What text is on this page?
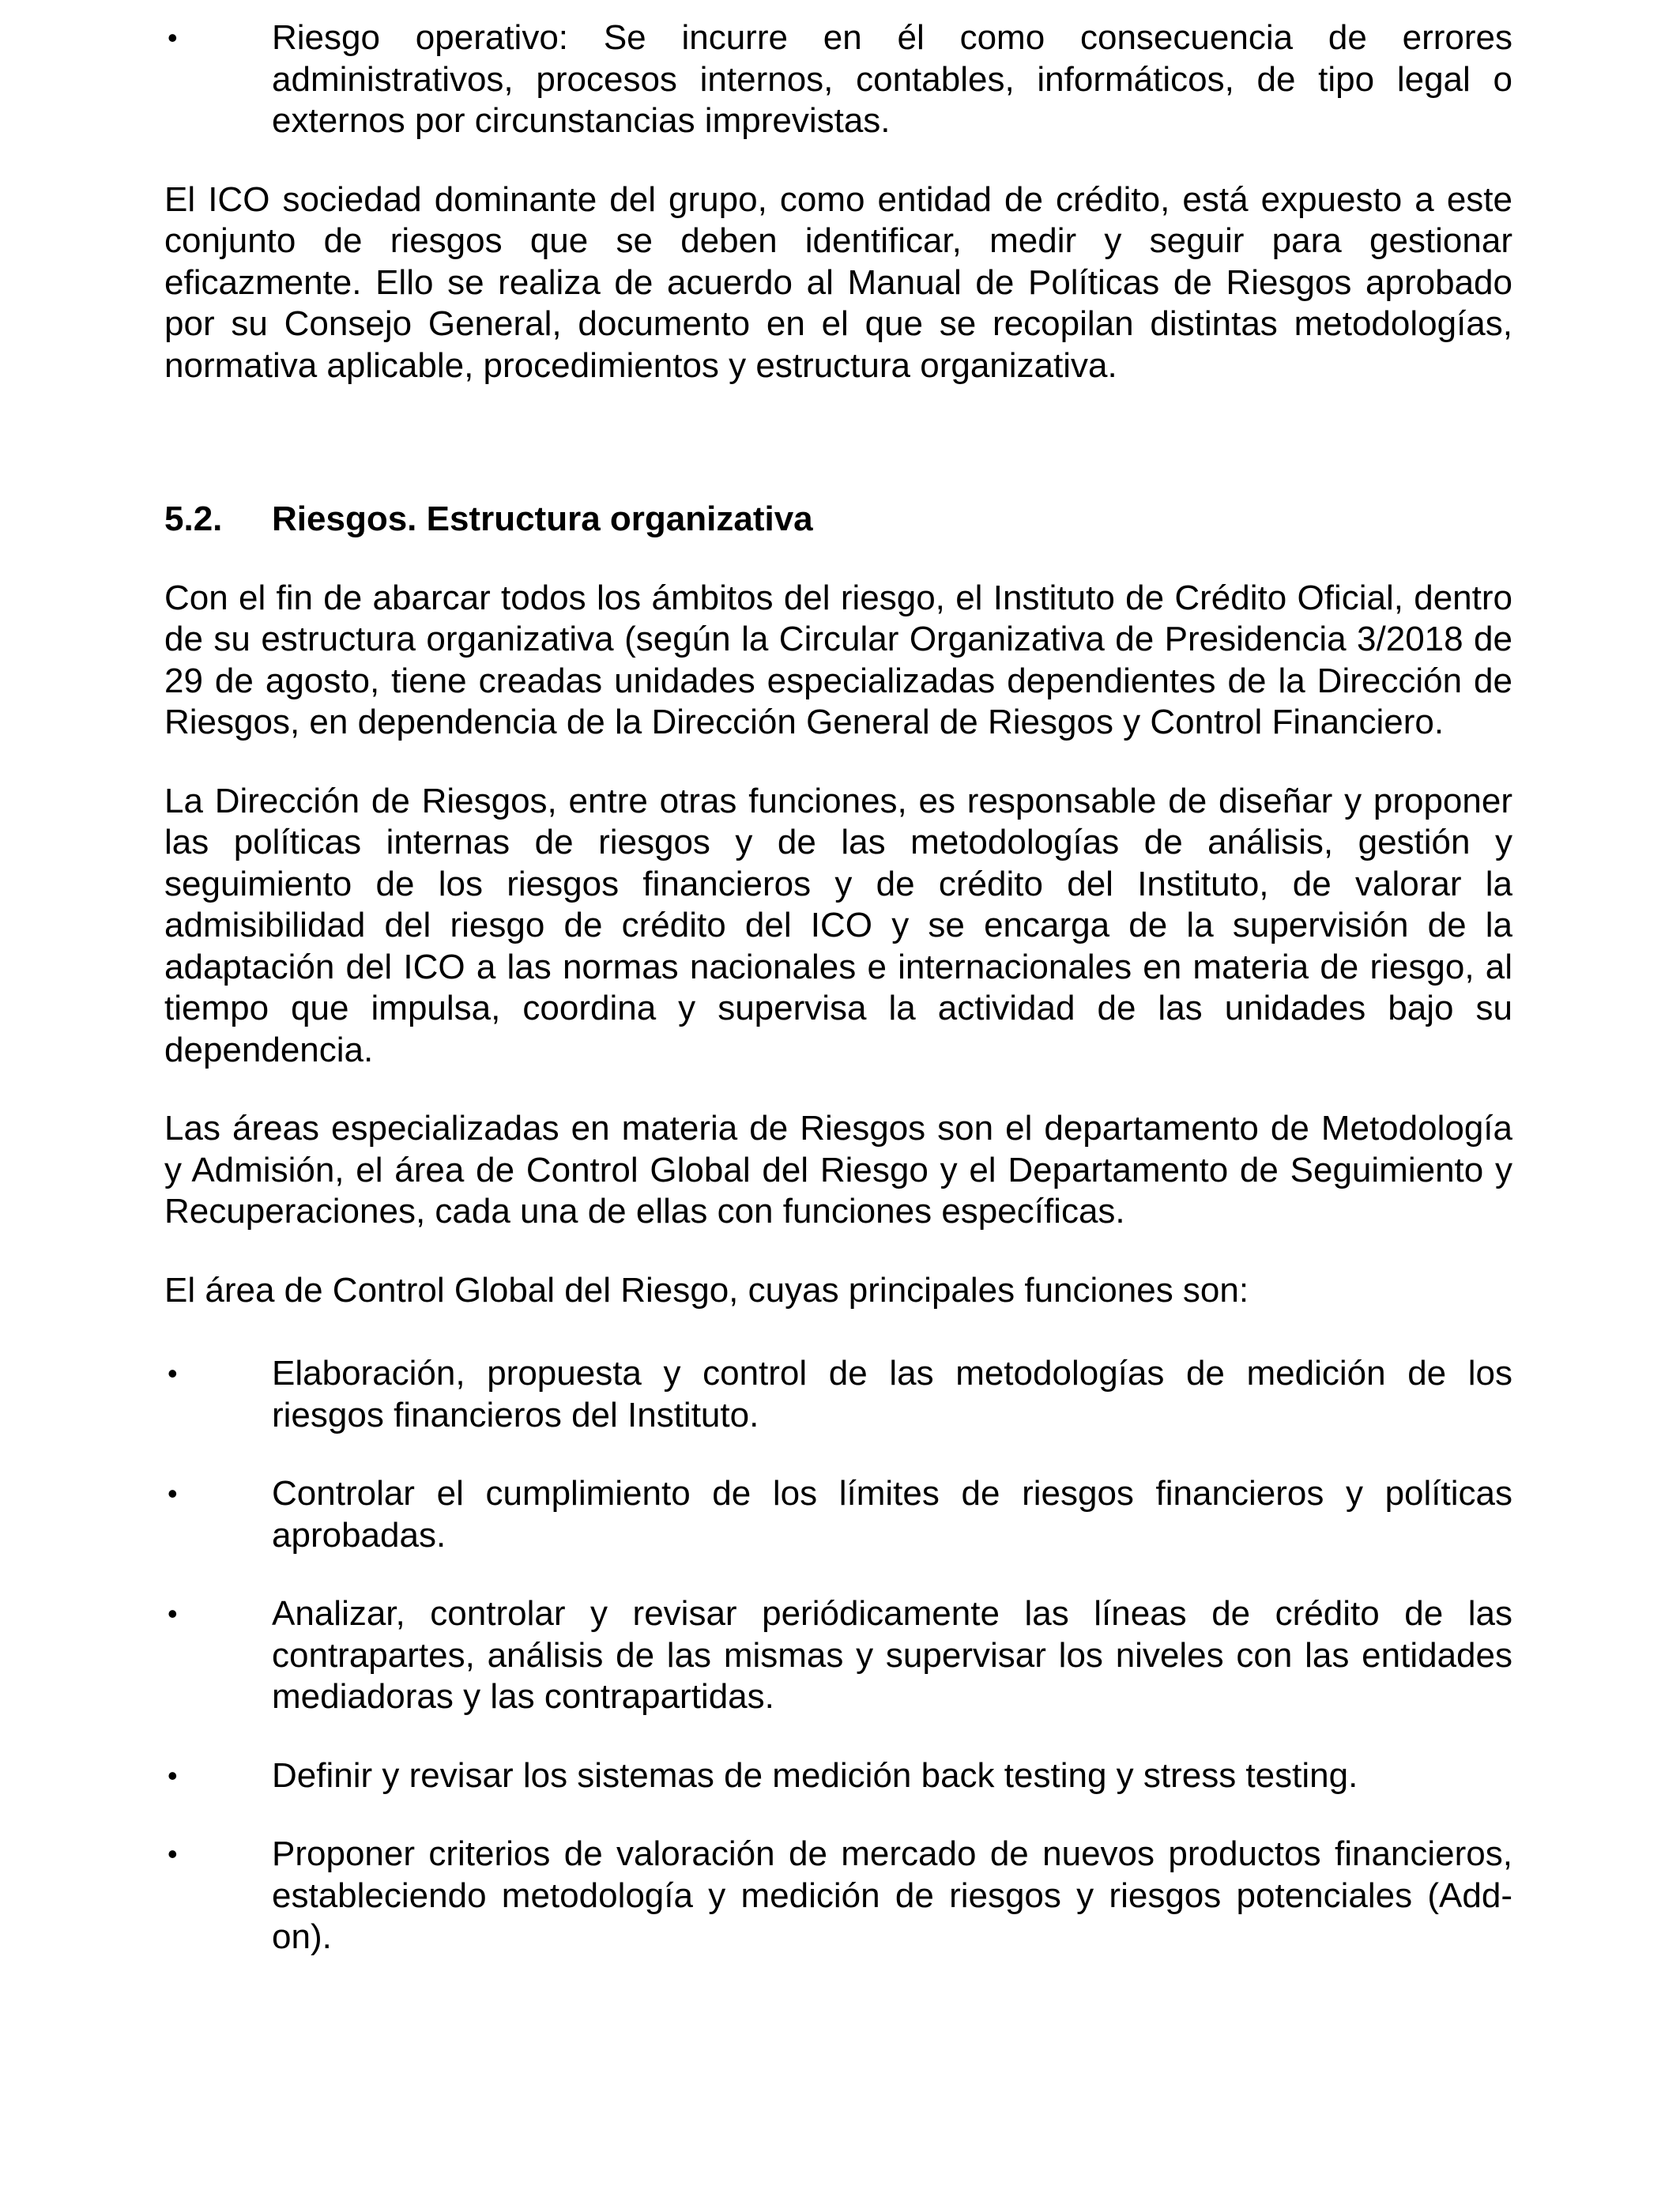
•	Riesgo operativo: Se incurre en él como consecuencia de errores administrativos, procesos internos, contables, informáticos, de tipo legal o externos por circunstancias imprevistas.

El ICO sociedad dominante del grupo, como entidad de crédito, está expuesto a este conjunto de riesgos que se deben identificar, medir y seguir para gestionar eficazmente. Ello se realiza de acuerdo al Manual de Políticas de Riesgos aprobado por su Consejo General, documento en el que se recopilan distintas metodologías, normativa aplicable, procedimientos y estructura organizativa.

5.2.	Riesgos. Estructura organizativa

Con el fin de abarcar todos los ámbitos del riesgo, el Instituto de Crédito Oficial, dentro de su estructura organizativa (según la Circular Organizativa de Presidencia 3/2018 de 29 de agosto, tiene creadas unidades especializadas dependientes de la Dirección de Riesgos, en dependencia de la Dirección General de Riesgos y Control Financiero.

La Dirección de Riesgos, entre otras funciones, es responsable de diseñar y proponer las políticas internas de riesgos y de las metodologías de análisis, gestión y seguimiento de los riesgos financieros y de crédito del Instituto, de valorar la admisibilidad del riesgo de crédito del ICO y se encarga de la supervisión de la adaptación del ICO a las normas nacionales e internacionales en materia de riesgo, al tiempo que impulsa, coordina y supervisa la actividad de las unidades bajo su dependencia.

Las áreas especializadas en materia de Riesgos son el departamento de Metodología y Admisión, el área de Control Global del Riesgo y el Departamento de Seguimiento y Recuperaciones, cada una de ellas con funciones específicas.

El área de Control Global del Riesgo, cuyas principales funciones son:

•	Elaboración, propuesta y control de las metodologías de medición de los riesgos financieros del Instituto.
•	Controlar el cumplimiento de los límites de riesgos financieros y políticas aprobadas.
•	Analizar, controlar y revisar periódicamente las líneas de crédito de las contrapartes, análisis de las mismas y supervisar los niveles con las entidades mediadoras y las contrapartidas.
•	Definir y revisar los sistemas de medición back testing y stress testing.
•	Proponer criterios de valoración de mercado de nuevos productos financieros, estableciendo metodología y medición de riesgos y riesgos potenciales (Add-on).
